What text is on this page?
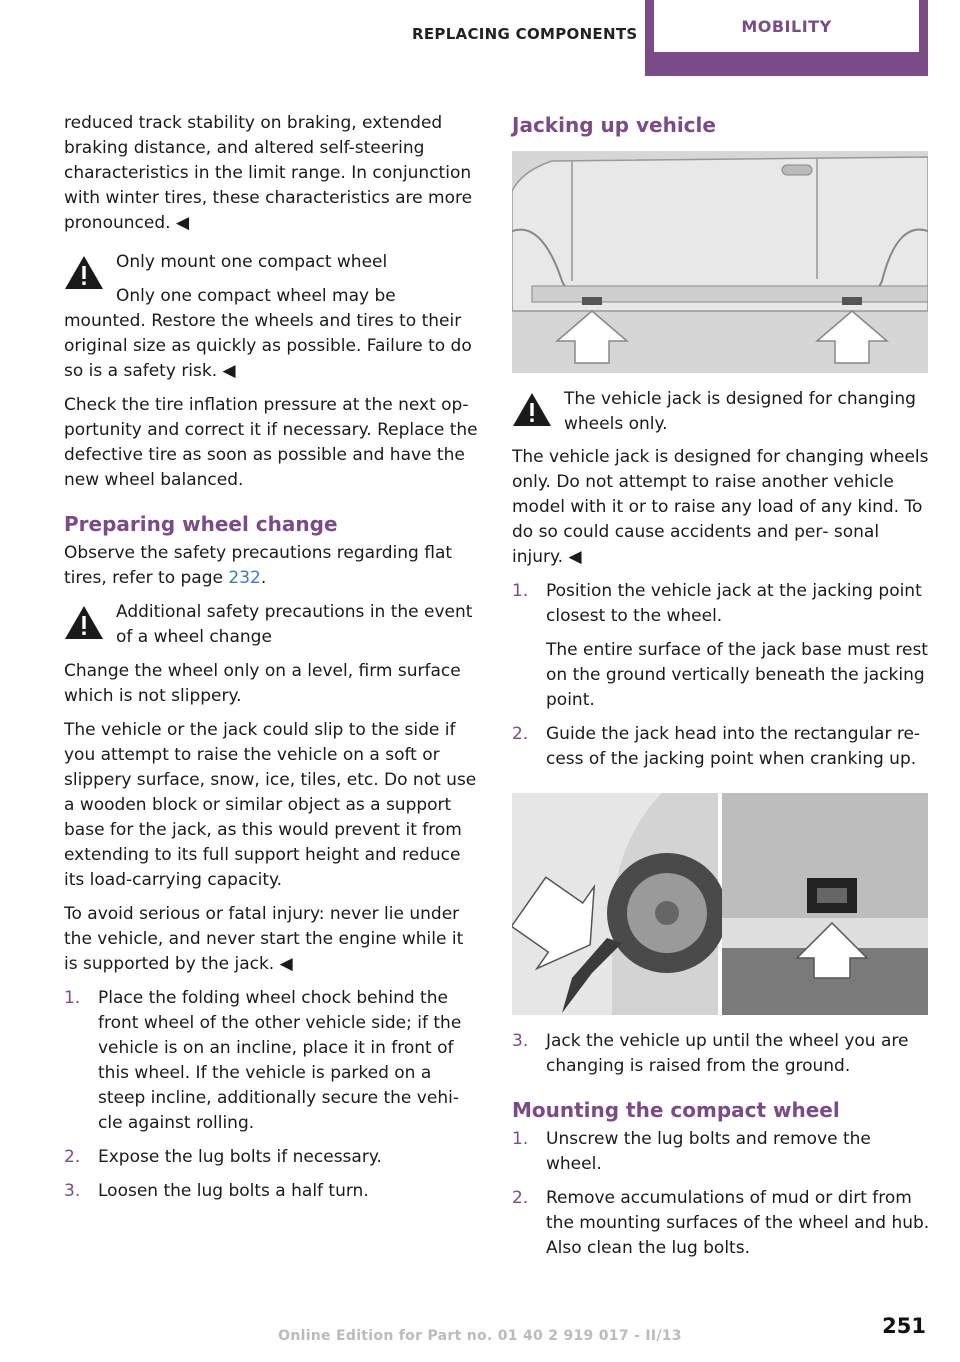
REPLACING COMPONENTS	MOBILITY

reduced track stability on braking, extended braking distance, and altered self-steering characteristics in the limit range. In conjunction with winter tires, these characteristics are more pronounced. ◀

Only mount one compact wheel

Only one compact wheel may be mounted. Restore the wheels and tires to their original size as quickly as possible. Failure to do so is a safety risk. ◀

Check the tire inflation pressure at the next op‐ portunity and correct it if necessary. Replace the defective tire as soon as possible and have the new wheel balanced.

Preparing wheel change

Observe the safety precautions regarding flat tires, refer to page 232.

Additional safety precautions in the event of a wheel change

Change the wheel only on a level, firm surface which is not slippery.

The vehicle or the jack could slip to the side if you attempt to raise the vehicle on a soft or slippery surface, snow, ice, tiles, etc. Do not use a wooden block or similar object as a support base for the jack, as this would prevent it from extending to its full support height and reduce its load-carrying capacity.

To avoid serious or fatal injury: never lie under the vehicle, and never start the engine while it is supported by the jack. ◀

1. Place the folding wheel chock behind the front wheel of the other vehicle side; if the vehicle is on an incline, place it in front of this wheel. If the vehicle is parked on a steep incline, additionally secure the vehi‐ cle against rolling.
2. Expose the lug bolts if necessary.
3. Loosen the lug bolts a half turn.
Jacking up vehicle

The vehicle jack is designed for changing wheels only.

The vehicle jack is designed for changing wheels only. Do not attempt to raise another vehicle model with it or to raise any load of any kind. To do so could cause accidents and per‐ sonal injury. ◀

1. Position the vehicle jack at the jacking point closest to the wheel.
The entire surface of the jack base must rest on the ground vertically beneath the jacking point.
2. Guide the jack head into the rectangular re‐ cess of the jacking point when cranking up.
3. Jack the vehicle up until the wheel you are changing is raised from the ground.
Mounting the compact wheel
1. Unscrew the lug bolts and remove the wheel.
2. Remove accumulations of mud or dirt from the mounting surfaces of the wheel and hub. Also clean the lug bolts.
Online Edition for Part no. 01 40 2 919 017 - II/13	251
